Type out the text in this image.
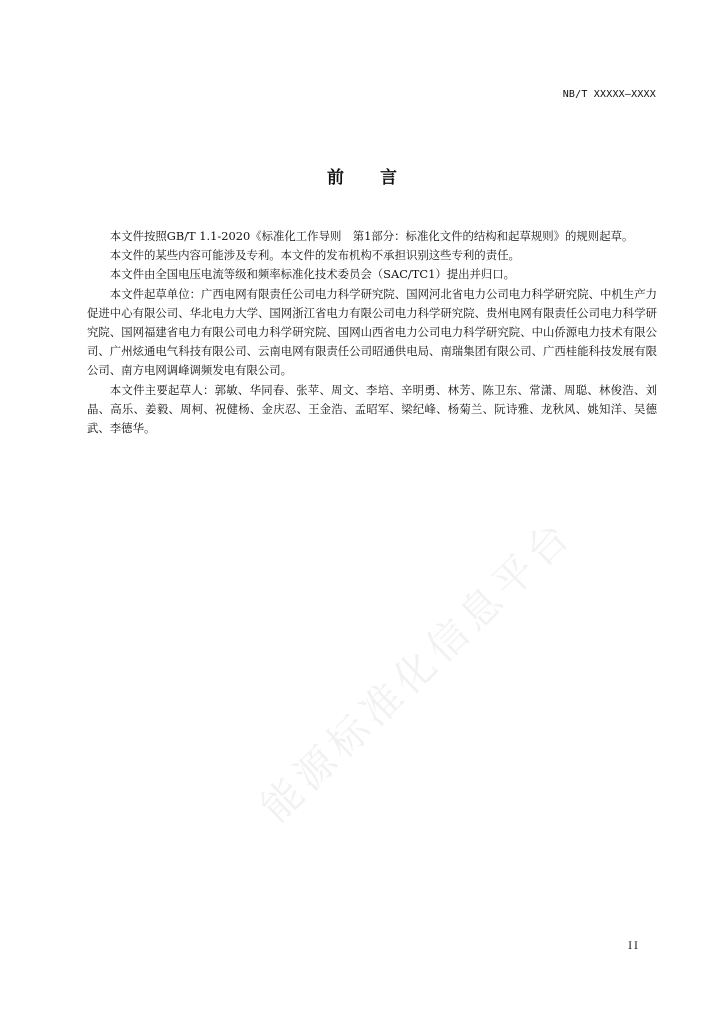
NB/T XXXXX—XXXX
前言

本文件按照GB/T 1.1-2020《标准化工作导则　第1部分：标准化文件的结构和起草规则》的规则起草。

本文件的某些内容可能涉及专利。本文件的发布机构不承担识别这些专利的责任。

本文件由全国电压电流等级和频率标准化技术委员会（SAC/TC1）提出并归口。

本文件起草单位：广西电网有限责任公司电力科学研究院、国网河北省电力公司电力科学研究院、中机生产力促进中心有限公司、华北电力大学、国网浙江省电力有限公司电力科学研究院、贵州电网有限责任公司电力科学研究院、国网福建省电力有限公司电力科学研究院、国网山西省电力公司电力科学研究院、中山侨源电力技术有限公司、广州炫通电气科技有限公司、云南电网有限责任公司昭通供电局、南瑞集团有限公司、广西桂能科技发展有限公司、南方电网调峰调频发电有限公司。

本文件主要起草人：郭敏、华同春、张苹、周文、李培、辛明勇、林芳、陈卫东、常潇、周聪、林俊浩、刘晶、高乐、姜毅、周柯、祝健杨、金庆忍、王金浩、孟昭军、梁纪峰、杨菊兰、阮诗雅、龙秋风、姚知洋、吴德武、李德华。

能源标准化信息平台
II
